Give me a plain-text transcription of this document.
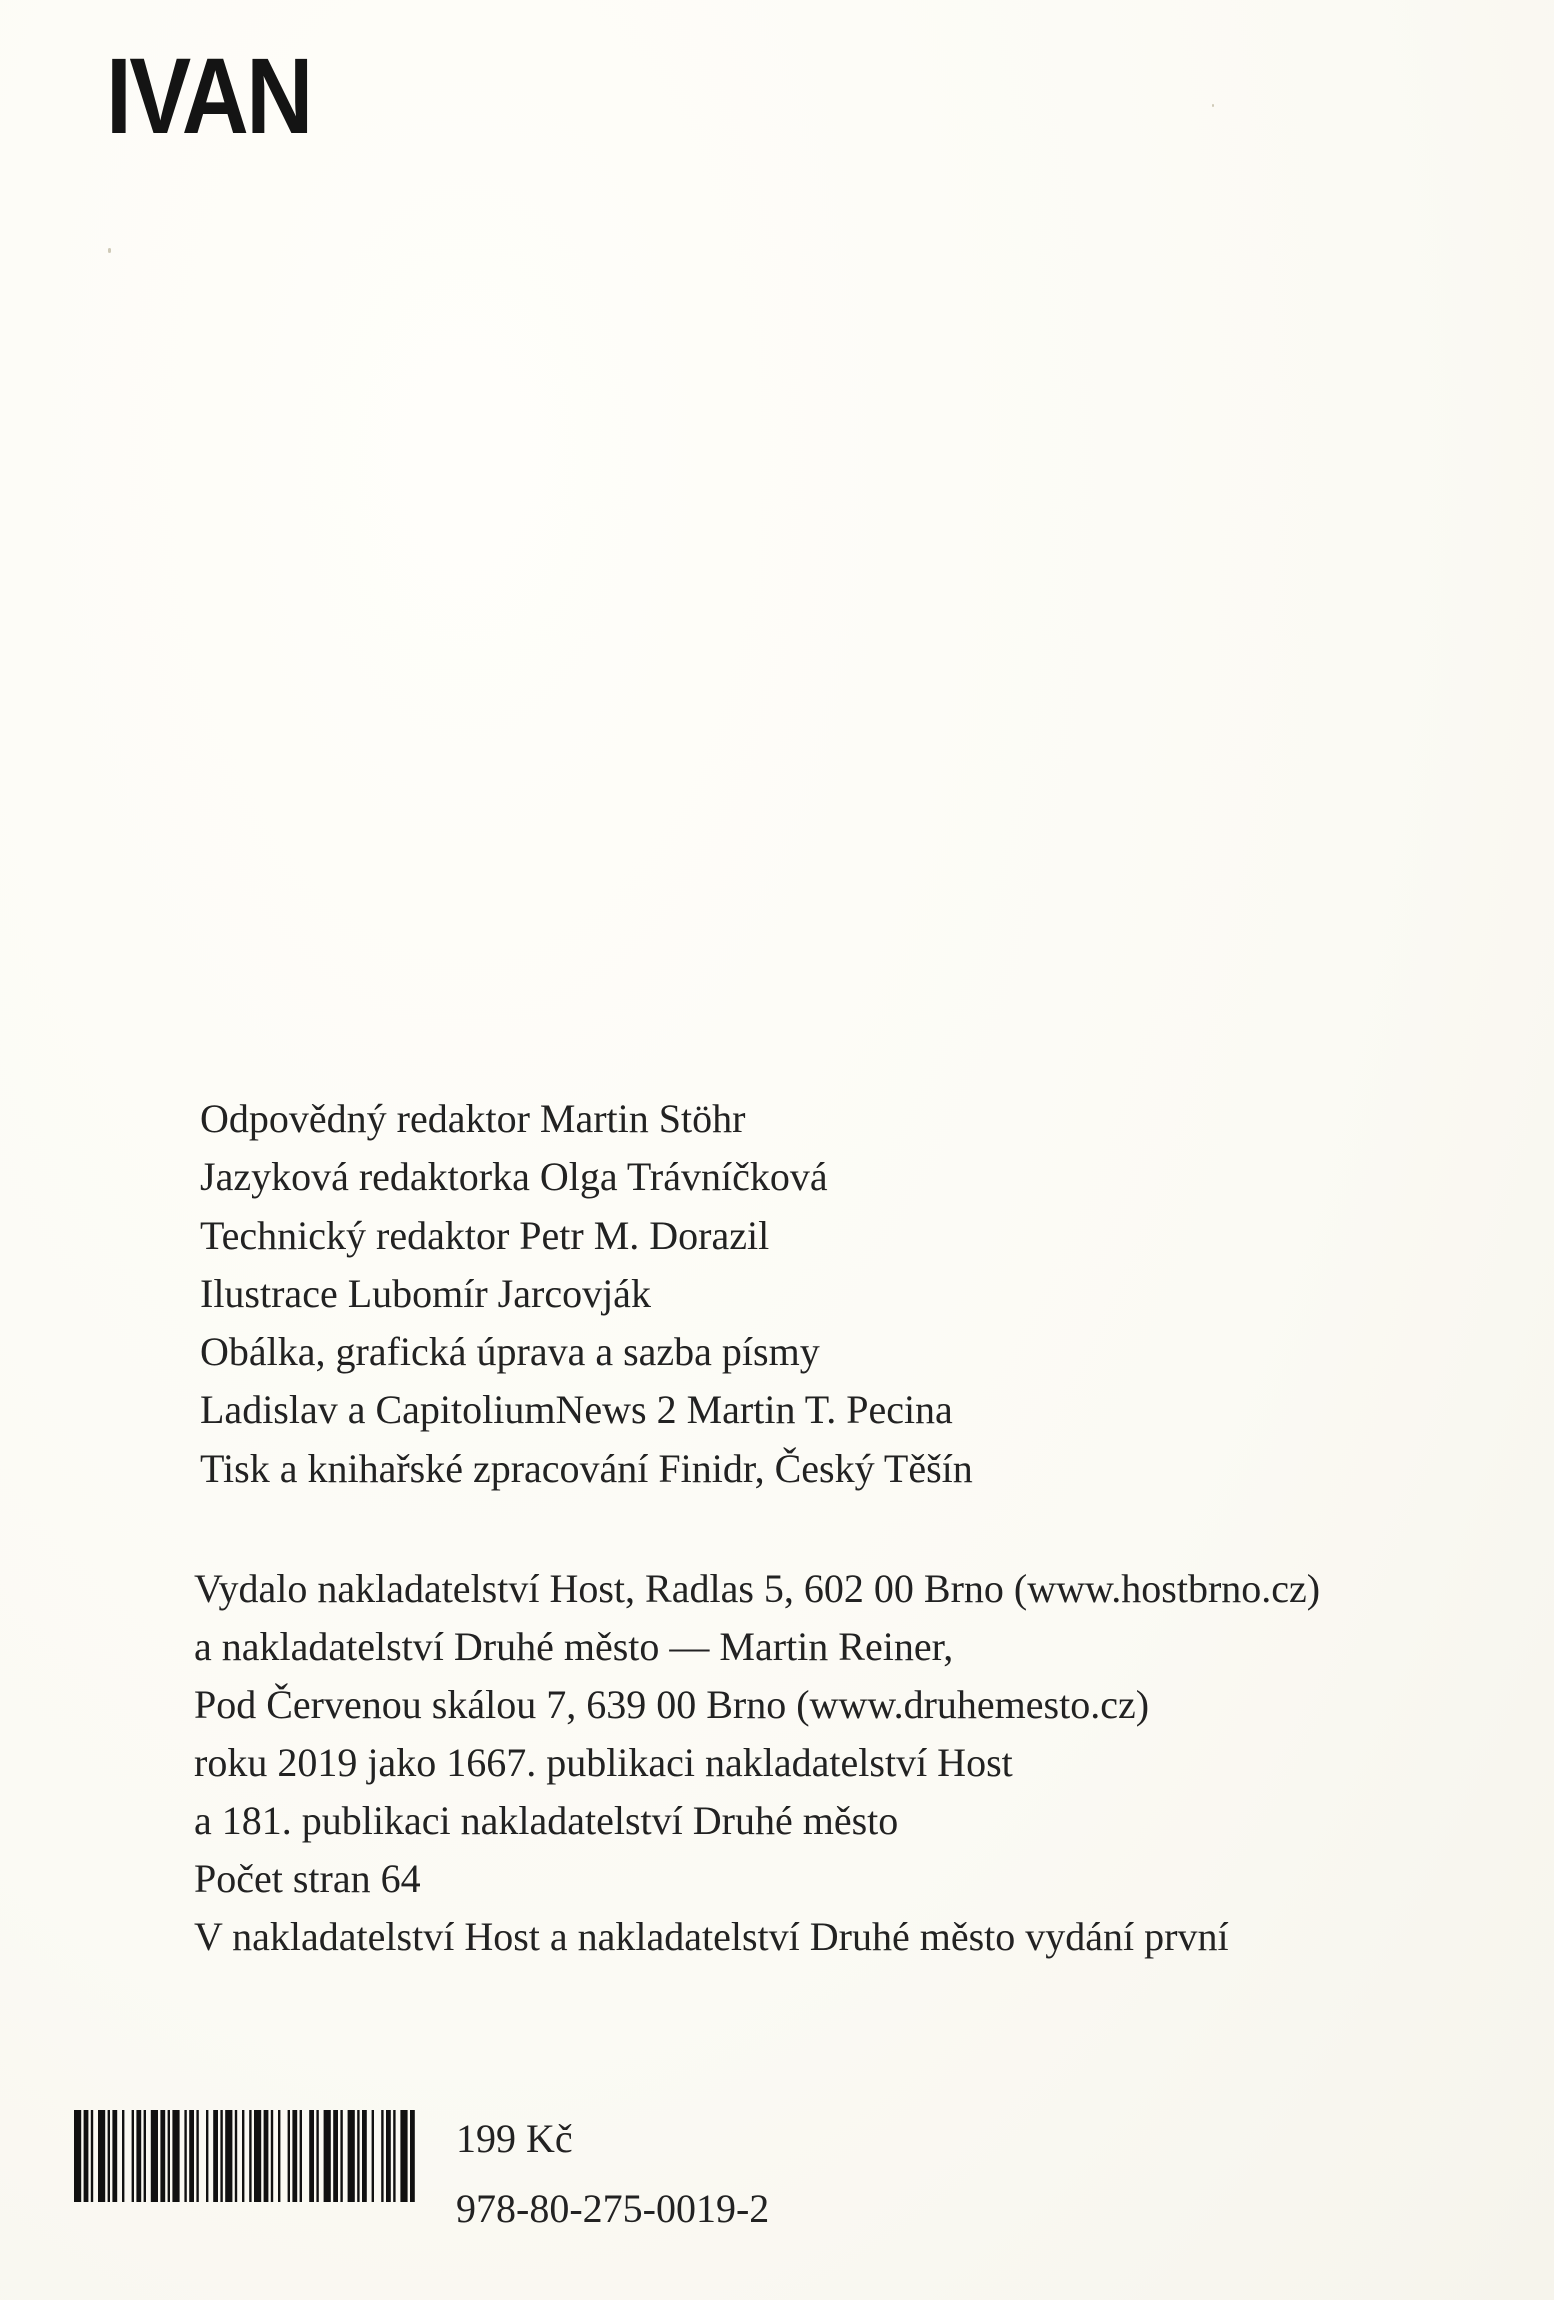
IVAN
Odpovědný redaktor Martin Stöhr
Jazyková redaktorka Olga Trávníčková
Technický redaktor Petr M. Dorazil
Ilustrace Lubomír Jarcovják
Obálka, grafická úprava a sazba písmy
Ladislav a CapitoliumNews 2 Martin T. Pecina
Tisk a knihařské zpracování Finidr, Český Těšín
Vydalo nakladatelství Host, Radlas 5, 602 00 Brno (www.hostbrno.cz)
a nakladatelství Druhé město — Martin Reiner,
Pod Červenou skálou 7, 639 00 Brno (www.druhemesto.cz)
roku 2019 jako 1667. publikaci nakladatelství Host
a 181. publikaci nakladatelství Druhé město
Počet stran 64
V nakladatelství Host a nakladatelství Druhé město vydání první
199 Kč
978-80-275-0019-2
